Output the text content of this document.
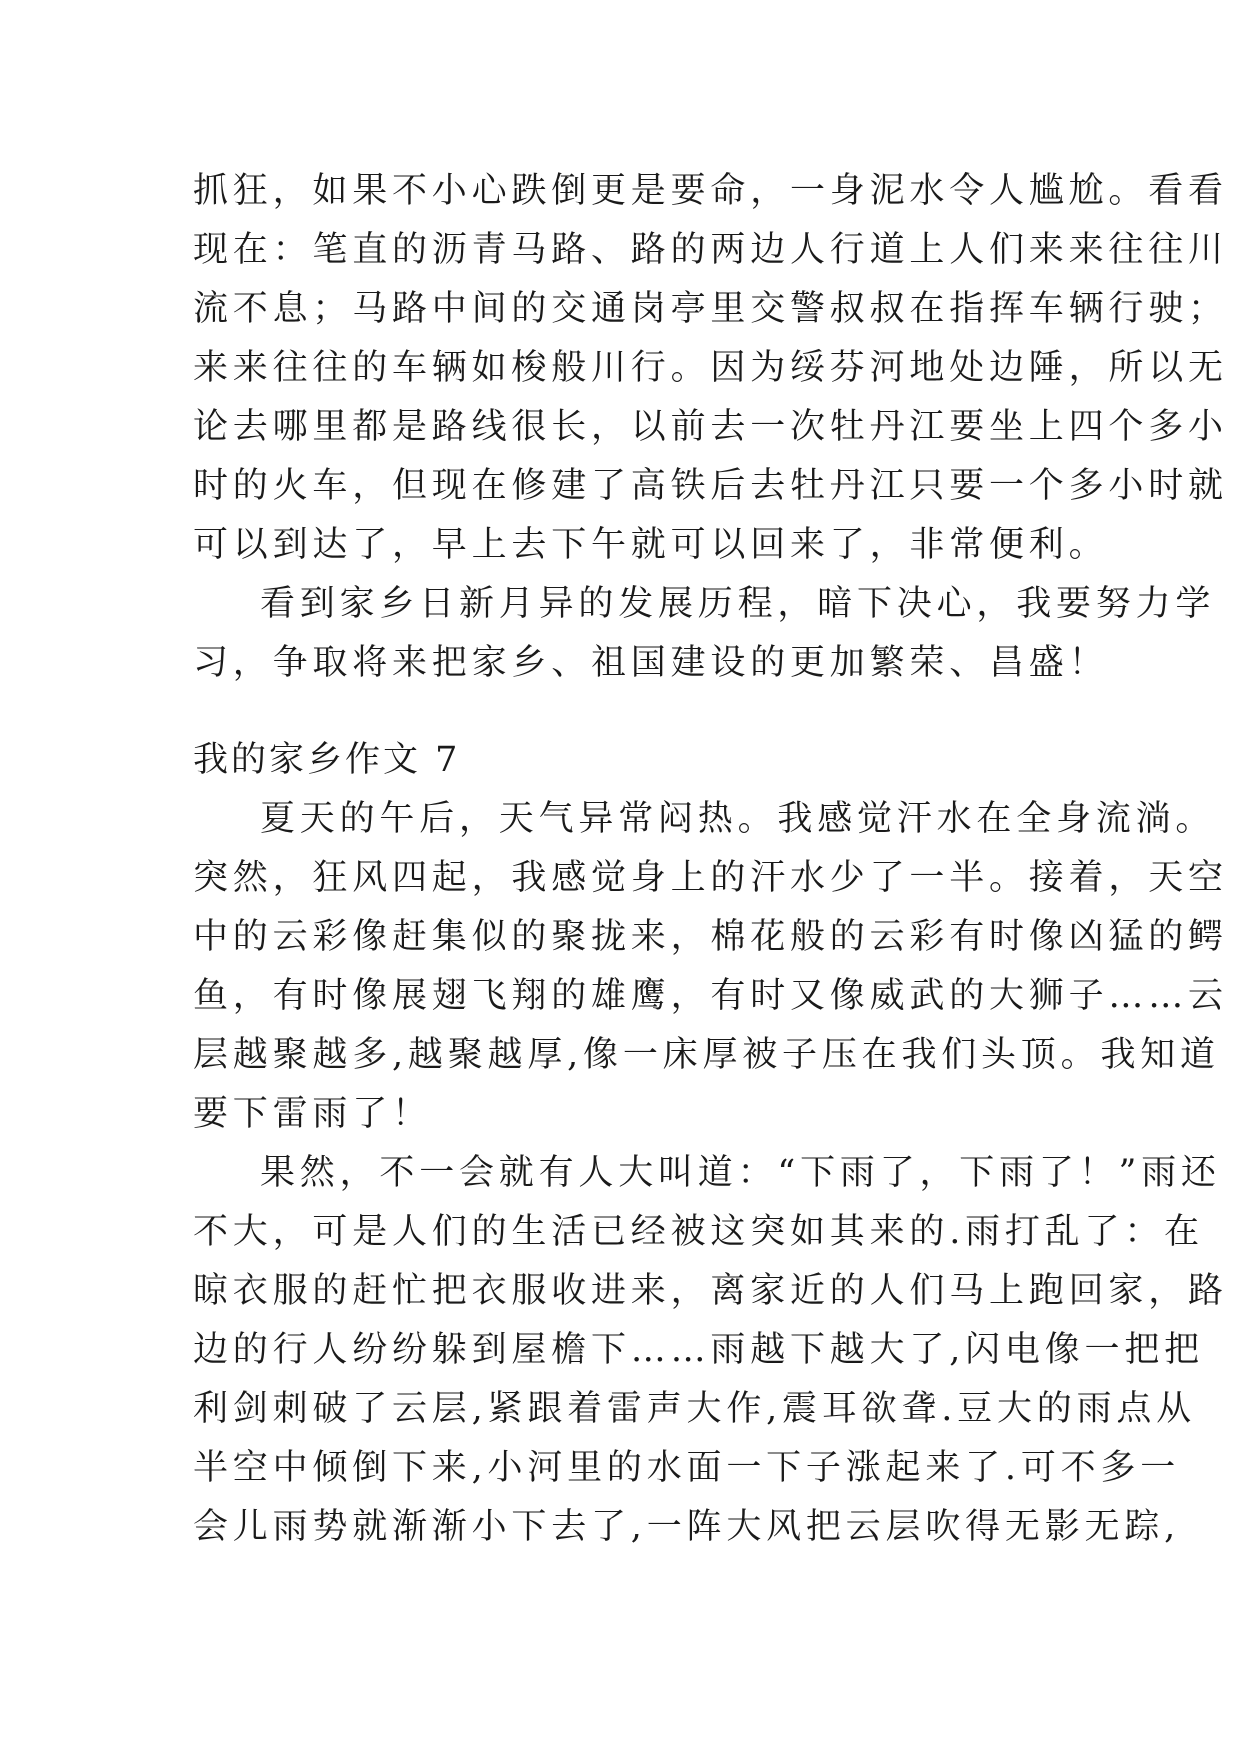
抓狂，如果不小心跌倒更是要命，一身泥水令人尴尬。看看
现在：笔直的沥青马路、路的两边人行道上人们来来往往川
流不息；马路中间的交通岗亭里交警叔叔在指挥车辆行驶；
来来往往的车辆如梭般川行。因为绥芬河地处边陲，所以无
论去哪里都是路线很长，以前去一次牡丹江要坐上四个多小
时的火车，但现在修建了高铁后去牡丹江只要一个多小时就
可以到达了，早上去下午就可以回来了，非常便利。
看到家乡日新月异的发展历程，暗下决心，我要努力学
习，争取将来把家乡、祖国建设的更加繁荣、昌盛！
我的家乡作文 7
夏天的午后，天气异常闷热。我感觉汗水在全身流淌。
突然，狂风四起，我感觉身上的汗水少了一半。接着，天空
中的云彩像赶集似的聚拢来，棉花般的云彩有时像凶猛的鳄
鱼，有时像展翅飞翔的雄鹰，有时又像威武的大狮子……云
层越聚越多,越聚越厚,像一床厚被子压在我们头顶。我知道
要下雷雨了！
果然，不一会就有人大叫道：“下雨了，下雨了！”雨还
不大，可是人们的生活已经被这突如其来的.雨打乱了：在
晾衣服的赶忙把衣服收进来，离家近的人们马上跑回家，路
边的行人纷纷躲到屋檐下……雨越下越大了,闪电像一把把
利剑刺破了云层,紧跟着雷声大作,震耳欲聋.豆大的雨点从
半空中倾倒下来,小河里的水面一下子涨起来了.可不多一
会儿雨势就渐渐小下去了,一阵大风把云层吹得无影无踪,
